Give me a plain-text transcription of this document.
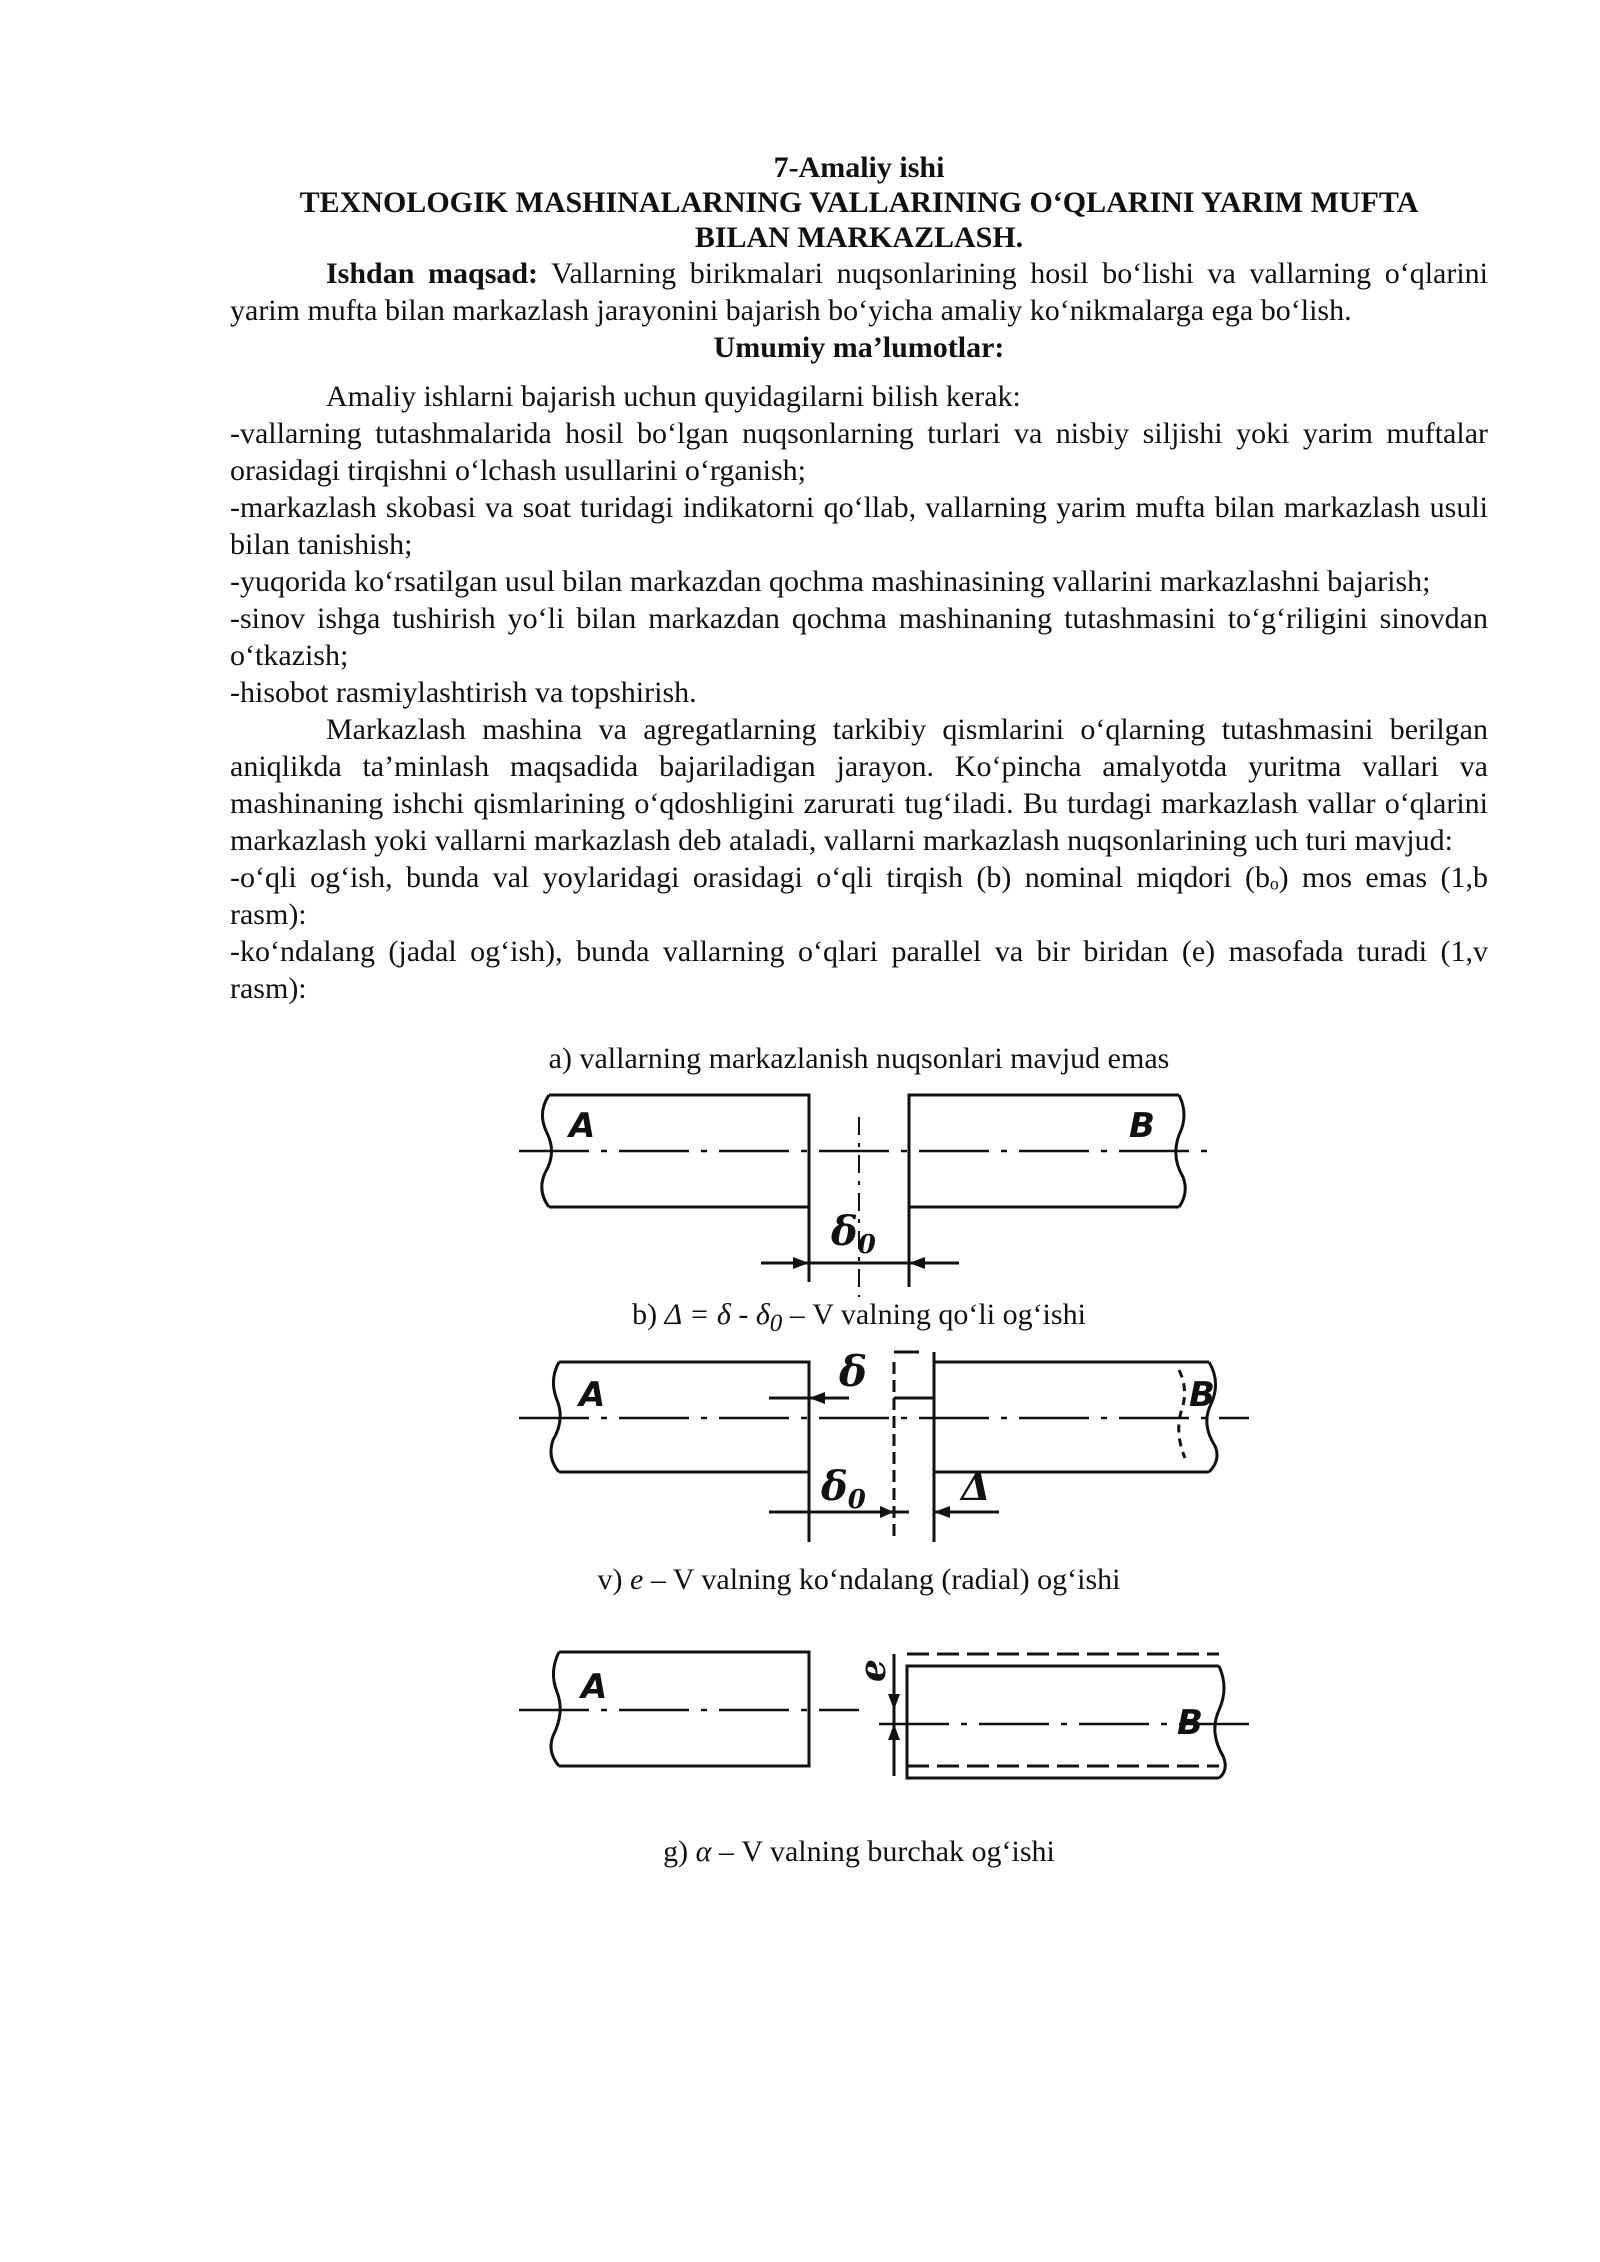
7-Amaliy ishi

TEXNOLOGIK MASHINALARNING VALLARINING O‘QLARINI YARIM MUFTA

BILAN MARKAZLASH.

Ishdan maqsad: Vallarning birikmalari nuqsonlarining hosil bo‘lishi va vallarning o‘qlarini yarim mufta bilan markazlash jarayonini bajarish bo‘yicha amaliy ko‘nikmalarga ega bo‘lish.

Umumiy ma’lumotlar:

Amaliy ishlarni bajarish uchun quyidagilarni bilish kerak:

-vallarning tutashmalarida hosil bo‘lgan nuqsonlarning turlari va nisbiy siljishi yoki yarim muftalar orasidagi tirqishni o‘lchash usullarini o‘rganish;

-markazlash skobasi va soat turidagi indikatorni qo‘llab, vallarning yarim mufta bilan markazlash usuli bilan tanishish;

-yuqorida ko‘rsatilgan usul bilan markazdan qochma mashinasining vallarini markazlashni bajarish;

-sinov ishga tushirish yo‘li bilan markazdan qochma mashinaning tutashmasini to‘g‘riligini sinovdan o‘tkazish;

-hisobot rasmiylashtirish va topshirish.

Markazlash mashina va agregatlarning tarkibiy qismlarini o‘qlarning tutashmasini berilgan aniqlikda ta’minlash maqsadida bajariladigan jarayon. Ko‘pincha amalyotda yuritma vallari va mashinaning ishchi qismlarining o‘qdoshligini zarurati tug‘iladi. Bu turdagi markazlash vallar o‘qlarini markazlash yoki vallarni markazlash deb ataladi, vallarni markazlash nuqsonlarining uch turi mavjud:

-o‘qli og‘ish, bunda val yoylaridagi orasidagi o‘qli tirqish (b) nominal miqdori (bₒ) mos emas (1,b rasm):

-ko‘ndalang (jadal og‘ish), bunda vallarning o‘qlari parallel va bir biridan (e) masofada turadi (1,v rasm):

a) vallarning markazlanish nuqsonlari mavjud emas

A	B
$\delta_0$

b) $\Delta = \delta - \delta_0 - V$ valning qo‘li og‘ishi

A	B
δ
$\delta_0$	Δ

v) e – V valning ko‘ndalang (radial) og‘ishi

A
B
e

g) α – V valning burchak og‘ishi
